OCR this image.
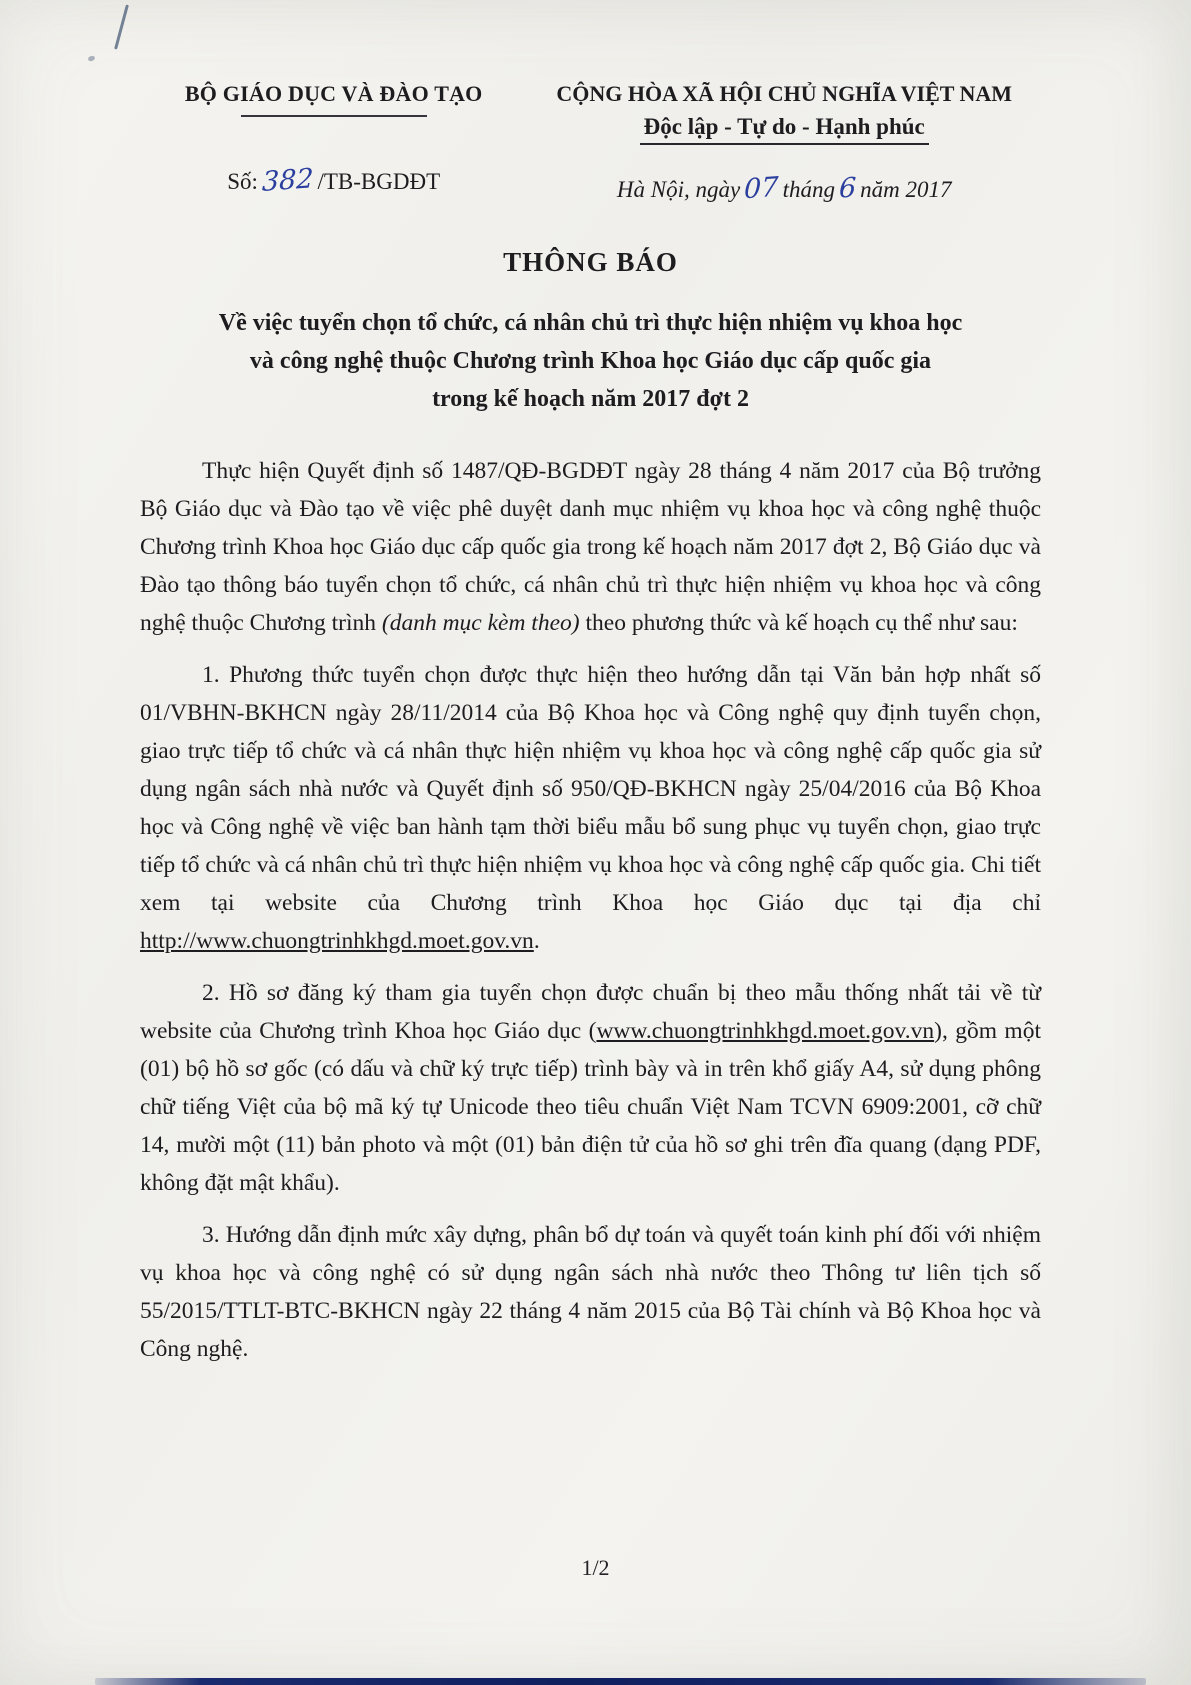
BỘ GIÁO DỤC VÀ ĐÀO TẠO
Số: 382 /TB-BGDĐT
CỘNG HÒA XÃ HỘI CHỦ NGHĨA VIỆT NAM
Độc lập - Tự do - Hạnh phúc
Hà Nội, ngày 07 tháng 6 năm 2017
THÔNG BÁO
Về việc tuyển chọn tổ chức, cá nhân chủ trì thực hiện nhiệm vụ khoa học
và công nghệ thuộc Chương trình Khoa học Giáo dục cấp quốc gia
trong kế hoạch năm 2017 đợt 2

Thực hiện Quyết định số 1487/QĐ-BGDĐT ngày 28 tháng 4 năm 2017 của Bộ trưởng Bộ Giáo dục và Đào tạo về việc phê duyệt danh mục nhiệm vụ khoa học và công nghệ thuộc Chương trình Khoa học Giáo dục cấp quốc gia trong kế hoạch năm 2017 đợt 2, Bộ Giáo dục và Đào tạo thông báo tuyển chọn tổ chức, cá nhân chủ trì thực hiện nhiệm vụ khoa học và công nghệ thuộc Chương trình (danh mục kèm theo) theo phương thức và kế hoạch cụ thể như sau:

1. Phương thức tuyển chọn được thực hiện theo hướng dẫn tại Văn bản hợp nhất số 01/VBHN-BKHCN ngày 28/11/2014 của Bộ Khoa học và Công nghệ quy định tuyển chọn, giao trực tiếp tổ chức và cá nhân thực hiện nhiệm vụ khoa học và công nghệ cấp quốc gia sử dụng ngân sách nhà nước và Quyết định số 950/QĐ-BKHCN ngày 25/04/2016 của Bộ Khoa học và Công nghệ về việc ban hành tạm thời biểu mẫu bổ sung phục vụ tuyển chọn, giao trực tiếp tổ chức và cá nhân chủ trì thực hiện nhiệm vụ khoa học và công nghệ cấp quốc gia. Chi tiết xem tại website của Chương trình Khoa học Giáo dục tại địa chỉ http://www.chuongtrinhkhgd.moet.gov.vn.

2. Hồ sơ đăng ký tham gia tuyển chọn được chuẩn bị theo mẫu thống nhất tải về từ website của Chương trình Khoa học Giáo dục (www.chuongtrinhkhgd.moet.gov.vn), gồm một (01) bộ hồ sơ gốc (có dấu và chữ ký trực tiếp) trình bày và in trên khổ giấy A4, sử dụng phông chữ tiếng Việt của bộ mã ký tự Unicode theo tiêu chuẩn Việt Nam TCVN 6909:2001, cỡ chữ 14, mười một (11) bản photo và một (01) bản điện tử của hồ sơ ghi trên đĩa quang (dạng PDF, không đặt mật khẩu).

3. Hướng dẫn định mức xây dựng, phân bổ dự toán và quyết toán kinh phí đối với nhiệm vụ khoa học và công nghệ có sử dụng ngân sách nhà nước theo Thông tư liên tịch số 55/2015/TTLT-BTC-BKHCN ngày 22 tháng 4 năm 2015 của Bộ Tài chính và Bộ Khoa học và Công nghệ.

1/2
